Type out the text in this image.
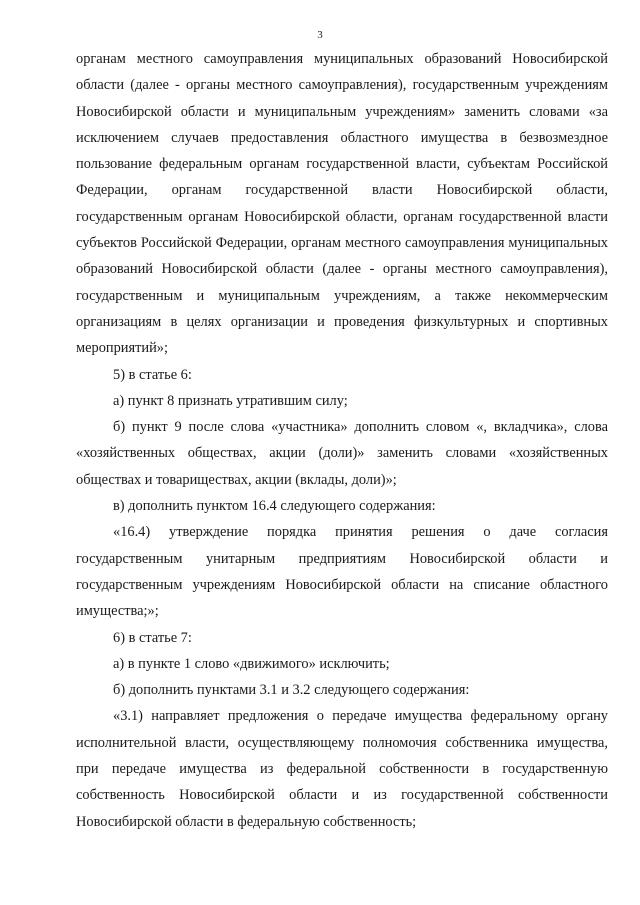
3

органам местного самоуправления муниципальных образований Новосибирской области (далее - органы местного самоуправления), государственным учреждениям Новосибирской области и муниципальным учреждениям» заменить словами «за исключением случаев предоставления областного имущества в безвозмездное пользование федеральным органам государственной власти, субъектам Российской Федерации, органам государственной власти Новосибирской области, государственным органам Новосибирской области, органам государственной власти субъектов Российской Федерации, органам местного самоуправления муниципальных образований Новосибирской области (далее - органы местного самоуправления), государственным и муниципальным учреждениям, а также некоммерческим организациям в целях организации и проведения физкультурных и спортивных мероприятий»;

5) в статье 6:

а) пункт 8 признать утратившим силу;

б) пункт 9 после слова «участника» дополнить словом «, вкладчика», слова «хозяйственных обществах, акции (доли)» заменить словами «хозяйственных обществах и товариществах, акции (вклады, доли)»;

в) дополнить пунктом 16.4 следующего содержания:

«16.4) утверждение порядка принятия решения о даче согласия государственным унитарным предприятиям Новосибирской области и государственным учреждениям Новосибирской области на списание областного имущества;»;

6) в статье 7:

а) в пункте 1 слово «движимого» исключить;

б) дополнить пунктами 3.1 и 3.2 следующего содержания:

«3.1) направляет предложения о передаче имущества федеральному органу исполнительной власти, осуществляющему полномочия собственника имущества, при передаче имущества из федеральной собственности в государственную собственность Новосибирской области и из государственной собственности Новосибирской области в федеральную собственность;
